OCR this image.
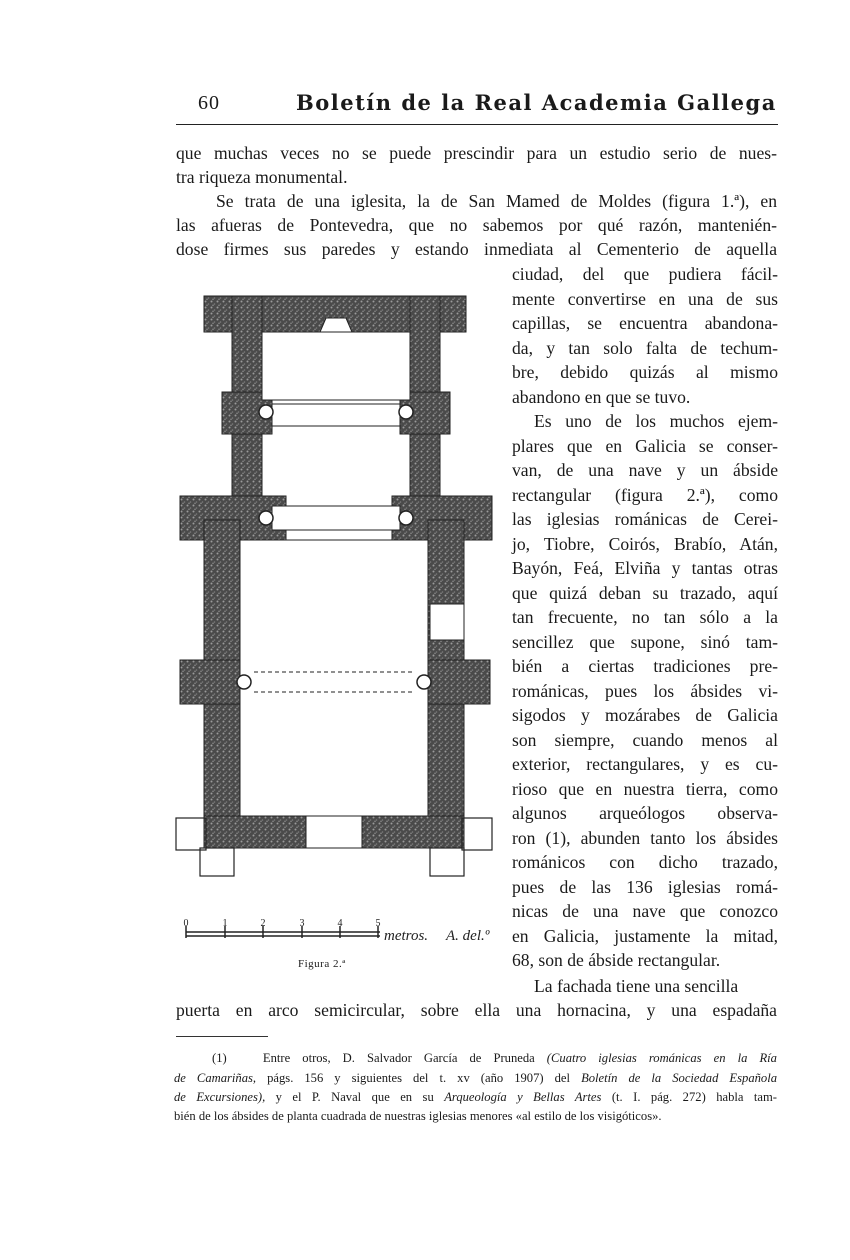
60	Boletín de la Real Academia Gallega
que muchas veces no se puede prescindir para un estudio serio de nues-
tra riqueza monumental.
Se trata de una iglesita, la de San Mamed de Moldes (figura 1.ª), en
las afueras de Pontevedra, que no sabemos por qué razón, mantenién-
dose firmes sus paredes y estando inmediata al Cementerio de aquella
ciudad, del que pudiera fácil-
mente convertirse en una de sus
capillas, se encuentra abandona-
da, y tan solo falta de techum-
bre, debido quizás al mismo
abandono en que se tuvo.
Es uno de los muchos ejem-
plares que en Galicia se conser-
van, de una nave y un ábside
rectangular (figura 2.ª), como
las iglesias románicas de Cerei-
jo, Tiobre, Coirós, Brabío, Atán,
Bayón, Feá, Elviña y tantas otras
que quizá deban su trazado, aquí
tan frecuente, no tan sólo a la
sencillez que supone, sinó tam-
bién a ciertas tradiciones pre-
románicas, pues los ábsides vi-
sigodos y mozárabes de Galicia
son siempre, cuando menos al
exterior, rectangulares, y es cu-
rioso que en nuestra tierra, como
algunos arqueólogos observa-
ron (1), abunden tanto los ábsides
románicos con dicho trazado,
pues de las 136 iglesias romá-
nicas de una nave que conozco
en Galicia, justamente la mitad,
68, son de ábside rectangular.
La fachada tiene una sencilla
puerta en arco semicircular, sobre ella una hornacina, y una espadaña
0	1	2	3	4	5
metros. A. del.º
Figura 2.ª
(1)	Entre otros, D. Salvador García de Pruneda (Cuatro iglesias románicas en la Ría
de Camariñas, págs. 156 y siguientes del t. xv (año 1907) del Boletín de la Sociedad Española
de Excursiones), y el P. Naval que en su Arqueología y Bellas Artes (t. I. pág. 272) habla tam-
bién de los ábsides de planta cuadrada de nuestras iglesias menores «al estilo de los visigóticos».
